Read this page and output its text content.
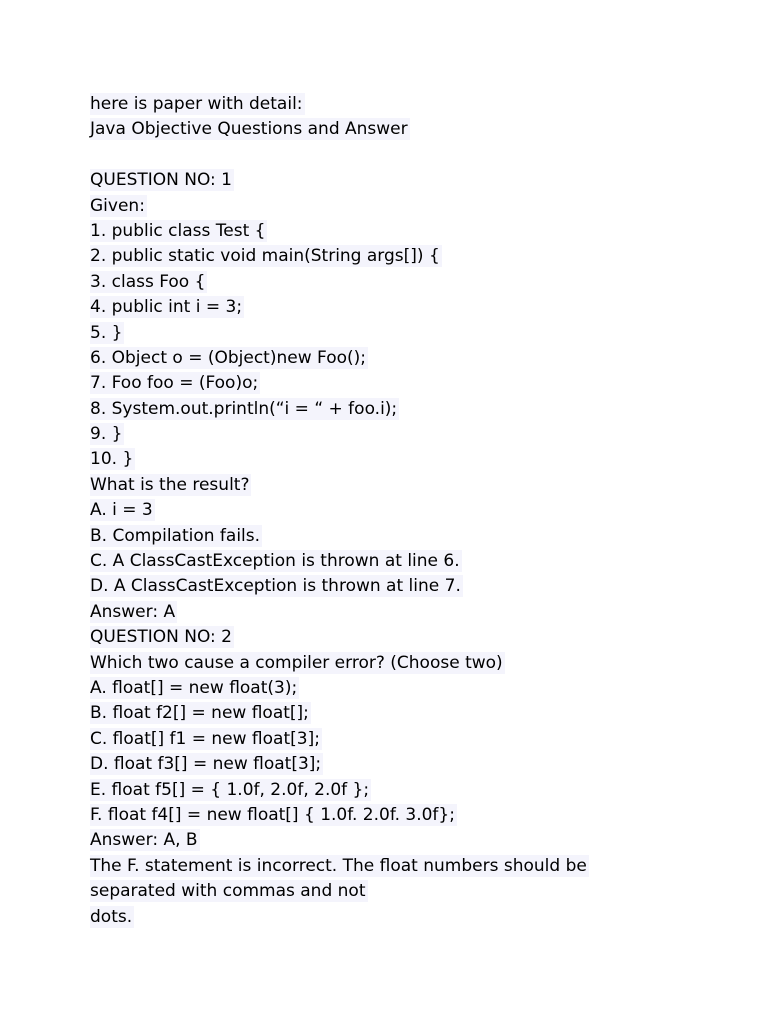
here is paper with detail:
Java Objective Questions and Answer
QUESTION NO: 1
Given:
1. public class Test {
2. public static void main(String args[]) {
3. class Foo {
4. public int i = 3;
5. }
6. Object o = (Object)new Foo();
7. Foo foo = (Foo)o;
8. System.out.println(“i = “ + foo.i);
9. }
10. }
What is the result?
A. i = 3
B. Compilation fails.
C. A ClassCastException is thrown at line 6.
D. A ClassCastException is thrown at line 7.
Answer: A
QUESTION NO: 2
Which two cause a compiler error? (Choose two)
A. float[] = new float(3);
B. float f2[] = new float[];
C. float[] f1 = new float[3];
D. float f3[] = new float[3];
E. float f5[] = { 1.0f, 2.0f, 2.0f };
F. float f4[] = new float[] { 1.0f. 2.0f. 3.0f};
Answer: A, B
The F. statement is incorrect. The float numbers should be
separated with commas and not
dots.
